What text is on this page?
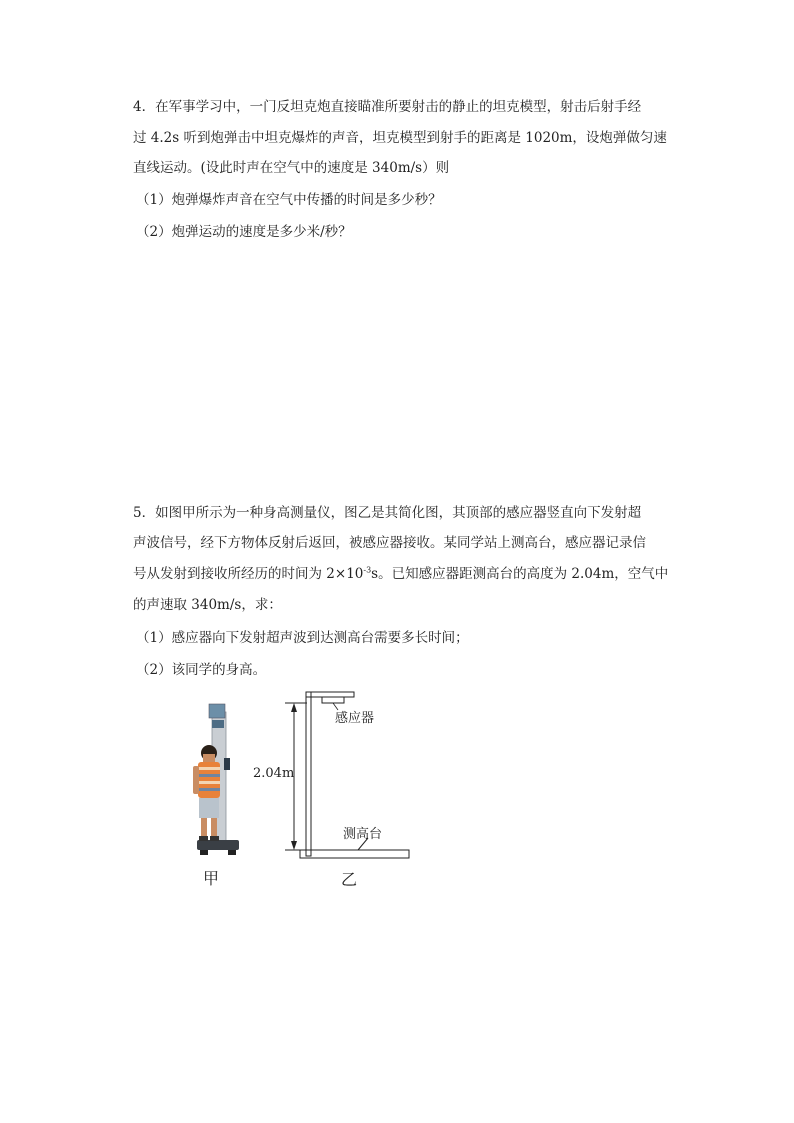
4．在军事学习中，一门反坦克炮直接瞄准所要射击的静止的坦克模型，射击后射手经
过 4.2s 听到炮弹击中坦克爆炸的声音，坦克模型到射手的距离是 1020m，设炮弹做匀速
直线运动。(设此时声在空气中的速度是 340m/s）则
（1）炮弹爆炸声音在空气中传播的时间是多少秒？
（2）炮弹运动的速度是多少米/秒？
5．如图甲所示为一种身高测量仪，图乙是其简化图，其顶部的感应器竖直向下发射超
声波信号，经下方物体反射后返回，被感应器接收。某同学站上测高台，感应器记录信
号从发射到接收所经历的时间为 $2\times 10^{-3}s$。已知感应器距测高台的高度为 2.04m，空气中
的声速取 340m/s，求：
（1）感应器向下发射超声波到达测高台需要多长时间；
（2）该同学的身高。
感应器
测高台
2.04m
甲	乙
